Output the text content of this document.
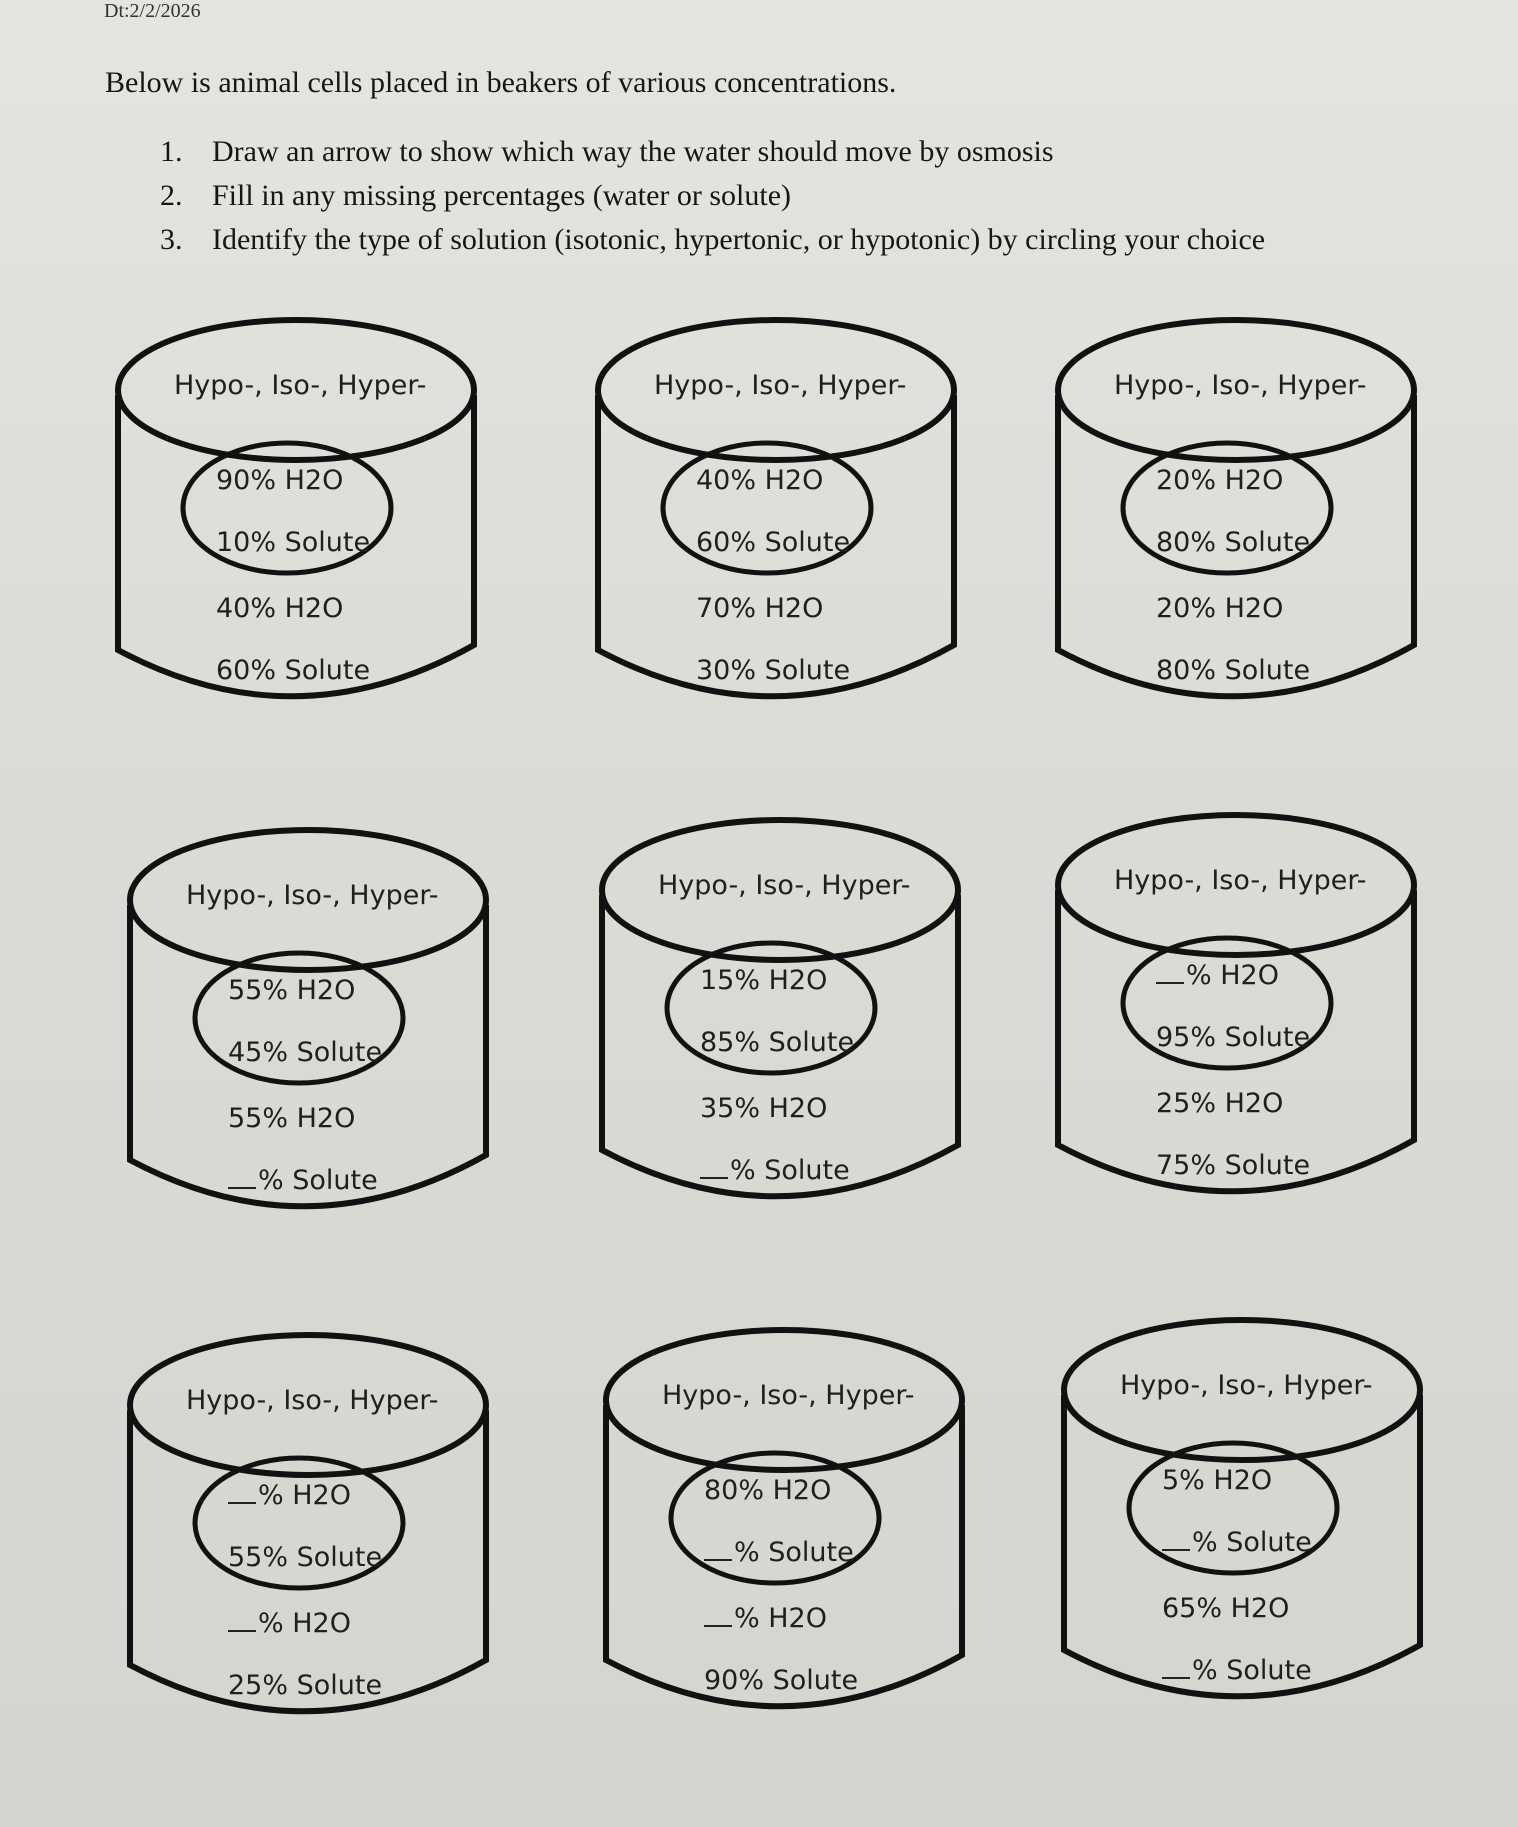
Dt:2/2/2026
Below is animal cells placed in beakers of various concentrations.
1. Draw an arrow to show which way the water should move by osmosis
2. Fill in any missing percentages (water or solute)
3. Identify the type of solution (isotonic, hypertonic, or hypotonic) by circling your choice
Hypo-, Iso-, Hyper-
90% H2O
10% Solute
40% H2O
60% Solute
Hypo-, Iso-, Hyper-
40% H2O
60% Solute
70% H2O
30% Solute
Hypo-, Iso-, Hyper-
20% H2O
80% Solute
20% H2O
80% Solute
Hypo-, Iso-, Hyper-
55% H2O
45% Solute
55% H2O
% Solute
Hypo-, Iso-, Hyper-
15% H2O
85% Solute
35% H2O
% Solute
Hypo-, Iso-, Hyper-
% H2O
95% Solute
25% H2O
75% Solute
Hypo-, Iso-, Hyper-
% H2O
55% Solute
% H2O
25% Solute
Hypo-, Iso-, Hyper-
80% H2O
% Solute
% H2O
90% Solute
Hypo-, Iso-, Hyper-
5% H2O
% Solute
65% H2O
% Solute
